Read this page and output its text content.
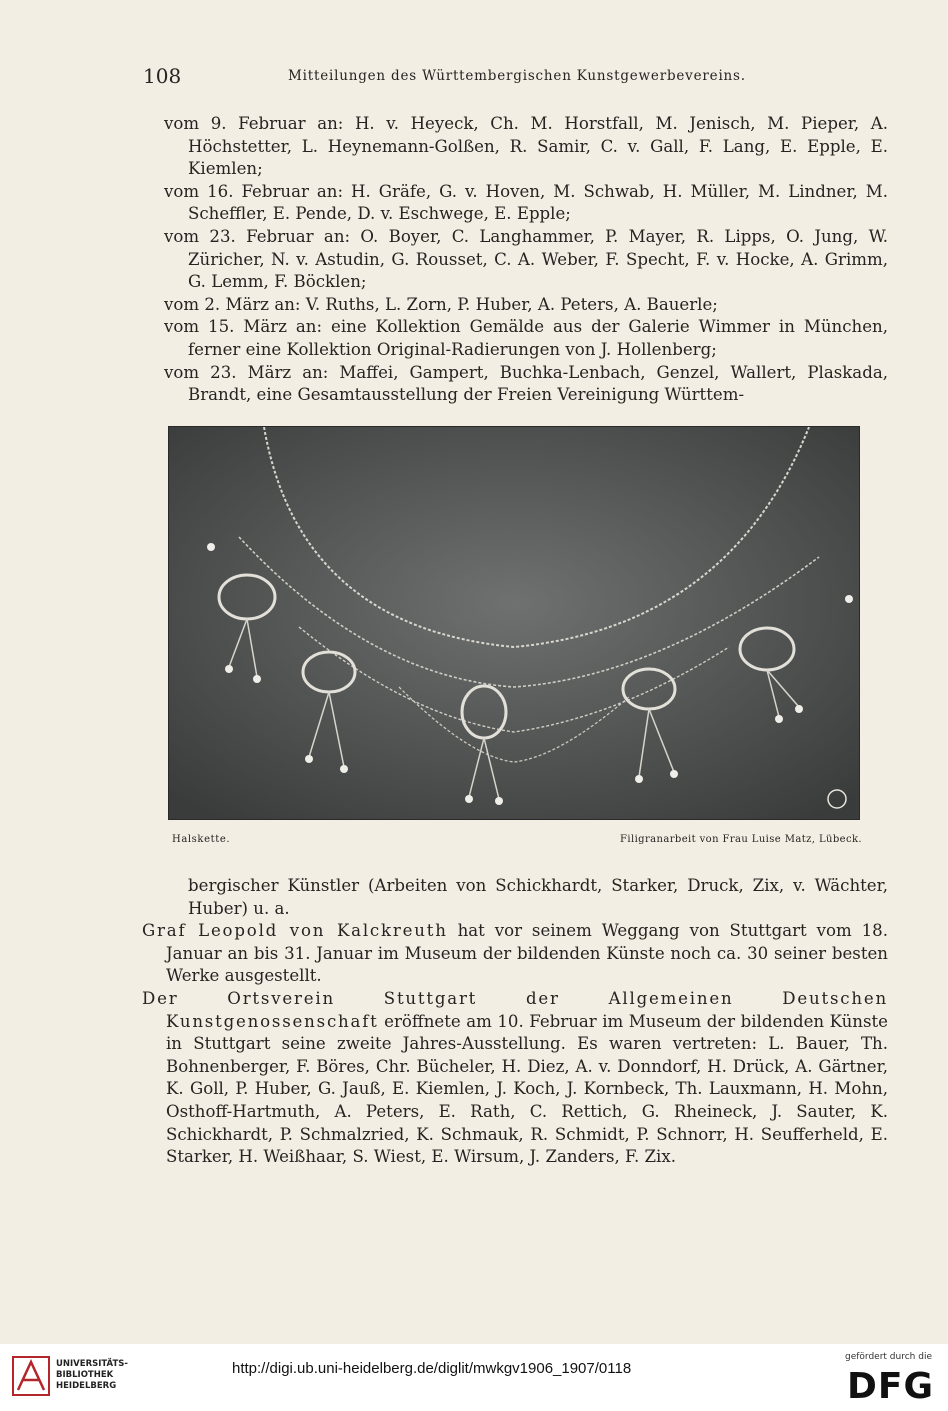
108	Mitteilungen des Württembergischen Kunstgewerbevereins.
vom 9. Februar an: H. v. Heyeck, Ch. M. Horstfall, M. Jenisch, M. Pieper, A. Höchstetter, L. Heynemann-Golßen, R. Samir, C. v. Gall, F. Lang, E. Epple, E. Kiemlen;
vom 16. Februar an: H. Gräfe, G. v. Hoven, M. Schwab, H. Müller, M. Lindner, M. Scheffler, E. Pende, D. v. Eschwege, E. Epple;
vom 23. Februar an: O. Boyer, C. Langhammer, P. Mayer, R. Lipps, O. Jung, W. Züricher, N. v. Astudin, G. Rousset, C. A. Weber, F. Specht, F. v. Hocke, A. Grimm, G. Lemm, F. Böcklen;
vom 2. März an: V. Ruths, L. Zorn, P. Huber, A. Peters, A. Bauerle;
vom 15. März an: eine Kollektion Gemälde aus der Galerie Wimmer in München, ferner eine Kollektion Original-Radierungen von J. Hollenberg;
vom 23. März an: Maffei, Gampert, Buchka-Lenbach, Genzel, Wallert, Plaskada, Brandt, eine Gesamtausstellung der Freien Vereinigung Württem-
Halskette.	Filigranarbeit von Frau Luise Matz, Lübeck.
bergischer Künstler (Arbeiten von Schickhardt, Starker, Druck, Zix, v. Wächter, Huber) u. a.
Graf Leopold von Kalckreuth hat vor seinem Weggang von Stuttgart vom 18. Januar an bis 31. Januar im Museum der bildenden Künste noch ca. 30 seiner besten Werke ausgestellt.
Der Ortsverein Stuttgart der Allgemeinen Deutschen Kunstgenossenschaft eröffnete am 10. Februar im Museum der bildenden Künste in Stuttgart seine zweite Jahres-Ausstellung. Es waren vertreten: L. Bauer, Th. Bohnenberger, F. Böres, Chr. Bücheler, H. Diez, A. v. Donndorf, H. Drück, A. Gärtner, K. Goll, P. Huber, G. Jauß, E. Kiemlen, J. Koch, J. Kornbeck, Th. Lauxmann, H. Mohn, Osthoff-Hartmuth, A. Peters, E. Rath, C. Rettich, G. Rheineck, J. Sauter, K. Schickhardt, P. Schmalzried, K. Schmauk, R. Schmidt, P. Schnorr, H. Seufferheld, E. Starker, H. Weißhaar, S. Wiest, E. Wirsum, J. Zanders, F. Zix.
UNIVERSITÄTS-
BIBLIOTHEK
HEIDELBERG
http://digi.ub.uni-heidelberg.de/diglit/mwkgv1906_1907/0118
gefördert durch die
DFG
